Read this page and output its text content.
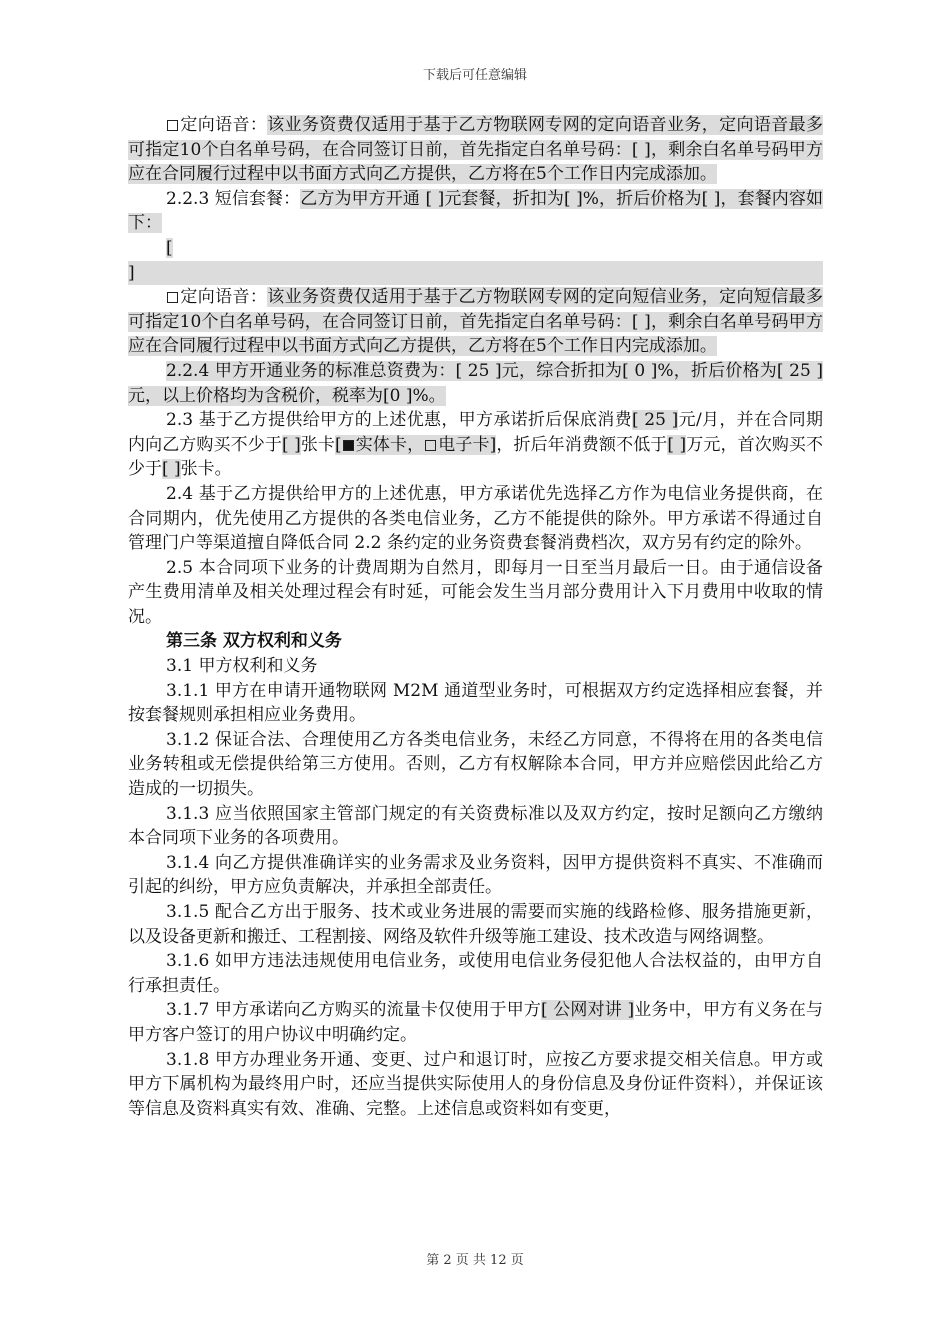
下载后可任意编辑

定向语音：该业务资费仅适用于基于乙方物联网专网的定向语音业务，定向语音最多可指定10个白名单号码，在合同签订日前，首先指定白名单号码：[ ]，剩余白名单号码甲方应在合同履行过程中以书面方式向乙方提供，乙方将在5个工作日内完成添加。

2.2.3 短信套餐：乙方为甲方开通 [ ]元套餐，折扣为[ ]%，折后价格为[ ]，套餐内容如下：

[

]

定向语音：该业务资费仅适用于基于乙方物联网专网的定向短信业务，定向短信最多可指定10个白名单号码，在合同签订日前，首先指定白名单号码：[ ]，剩余白名单号码甲方应在合同履行过程中以书面方式向乙方提供，乙方将在5个工作日内完成添加。

2.2.4 甲方开通业务的标准总资费为：[ 25 ]元，综合折扣为[ 0 ]%，折后价格为[ 25 ]元，以上价格均为含税价，税率为[0 ]%。

2.3 基于乙方提供给甲方的上述优惠，甲方承诺折后保底消费[ 25 ]元/月，并在合同期内向乙方购买不少于[ ]张卡[ 实体卡， 电子卡]，折后年消费额不低于[ ]万元，首次购买不少于[ ]张卡。

2.4 基于乙方提供给甲方的上述优惠，甲方承诺优先选择乙方作为电信业务提供商，在合同期内，优先使用乙方提供的各类电信业务，乙方不能提供的除外。甲方承诺不得通过自管理门户等渠道擅自降低合同 2.2 条约定的业务资费套餐消费档次，双方另有约定的除外。

2.5 本合同项下业务的计费周期为自然月，即每月一日至当月最后一日。由于通信设备产生费用清单及相关处理过程会有时延，可能会发生当月部分费用计入下月费用中收取的情况。

第三条 双方权利和义务

3.1 甲方权利和义务

3.1.1 甲方在申请开通物联网 M2M 通道型业务时，可根据双方约定选择相应套餐，并按套餐规则承担相应业务费用。

3.1.2 保证合法、合理使用乙方各类电信业务，未经乙方同意，不得将在用的各类电信业务转租或无偿提供给第三方使用。否则，乙方有权解除本合同，甲方并应赔偿因此给乙方造成的一切损失。

3.1.3 应当依照国家主管部门规定的有关资费标准以及双方约定，按时足额向乙方缴纳本合同项下业务的各项费用。

3.1.4 向乙方提供准确详实的业务需求及业务资料，因甲方提供资料不真实、不准确而引起的纠纷，甲方应负责解决，并承担全部责任。

3.1.5 配合乙方出于服务、技术或业务进展的需要而实施的线路检修、服务措施更新，以及设备更新和搬迁、工程割接、网络及软件升级等施工建设、技术改造与网络调整。

3.1.6 如甲方违法违规使用电信业务，或使用电信业务侵犯他人合法权益的，由甲方自行承担责任。

3.1.7 甲方承诺向乙方购买的流量卡仅使用于甲方[ 公网对讲 ]业务中，甲方有义务在与甲方客户签订的用户协议中明确约定。

3.1.8 甲方办理业务开通、变更、过户和退订时，应按乙方要求提交相关信息。甲方或甲方下属机构为最终用户时，还应当提供实际使用人的身份信息及身份证件资料），并保证该等信息及资料真实有效、准确、完整。上述信息或资料如有变更，

第 2 页 共 12 页
